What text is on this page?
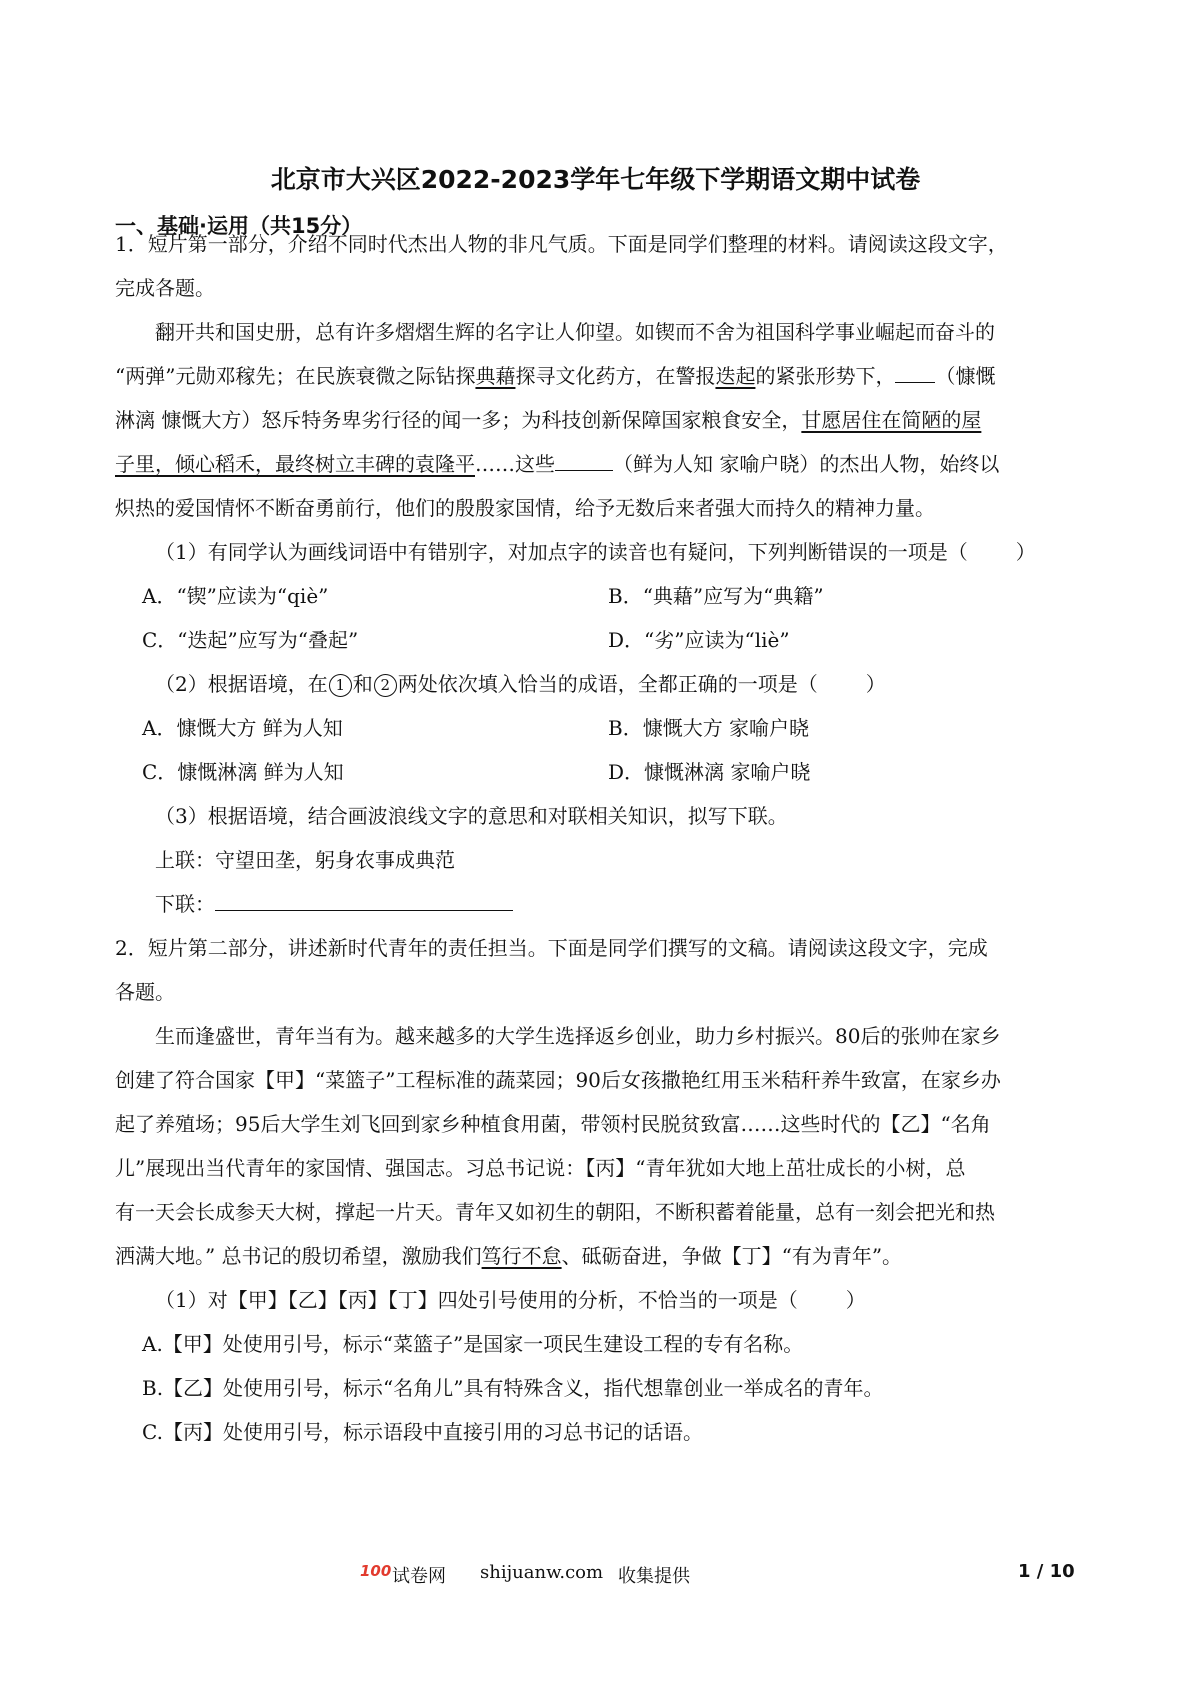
北京市大兴区2022-2023学年七年级下学期语文期中试卷
一、基础·运用（共15分）
1．短片第一部分，介绍不同时代杰出人物的非凡气质。下面是同学们整理的材料。请阅读这段文字，
完成各题。
翻开共和国史册，总有许多熠熠生辉的名字让人仰望。如锲而不舍为祖国科学事业崛起而奋斗的
“两弹”元勋邓稼先；在民族衰微之际钻探典藉探寻文化药方，在警报迭起的紧张形势下， （慷慨
淋漓 慷慨大方）怒斥特务卑劣行径的闻一多；为科技创新保障国家粮食安全，甘愿居住在简陋的屋
子里，倾心稻禾，最终树立丰碑的袁隆平……这些	（鲜为人知 家喻户晓）的杰出人物，始终以
炽热的爱国情怀不断奋勇前行，他们的殷殷家国情，给予无数后来者强大而持久的精神力量。
（1）有同学认为画线词语中有错别字，对加点字的读音也有疑问，下列判断错误的一项是（ ）
A．“锲”应读为“qiè”	B．“典藉”应写为“典籍”
C．“迭起”应写为“叠起”	D．“劣”应读为“liè”
（2）根据语境，在 1 和 2 两处依次填入恰当的成语，全都正确的一项是（ ）
A．慷慨大方 鲜为人知	B．慷慨大方 家喻户晓
C．慷慨淋漓 鲜为人知	D．慷慨淋漓 家喻户晓
（3）根据语境，结合画波浪线文字的意思和对联相关知识，拟写下联。
上联：守望田垄，躬身农事成典范
下联：
2．短片第二部分，讲述新时代青年的责任担当。下面是同学们撰写的文稿。请阅读这段文字，完成
各题。
生而逢盛世，青年当有为。越来越多的大学生选择返乡创业，助力乡村振兴。80后的张帅在家乡
创建了符合国家【甲】“菜篮子”工程标准的蔬菜园；90后女孩撒艳红用玉米秸秆养牛致富，在家乡办
起了养殖场；95后大学生刘飞回到家乡种植食用菌，带领村民脱贫致富……这些时代的【乙】“名角
儿”展现出当代青年的家国情、强国志。习总书记说：【丙】“青年犹如大地上茁壮成长的小树，总
有一天会长成参天大树，撑起一片天。青年又如初生的朝阳，不断积蓄着能量，总有一刻会把光和热
洒满大地。” 总书记的殷切希望，激励我们笃行不怠、砥砺奋进，争做【丁】“有为青年”。
（1）对【甲】【乙】【丙】【丁】四处引号使用的分析，不恰当的一项是（ ）
A.【甲】处使用引号，标示“菜篮子”是国家一项民生建设工程的专有名称。
B.【乙】处使用引号，标示“名角儿”具有特殊含义，指代想靠创业一举成名的青年。
C.【丙】处使用引号，标示语段中直接引用的习总书记的话语。
100 试卷网 shijuanw.com 收集提供	1 / 10
